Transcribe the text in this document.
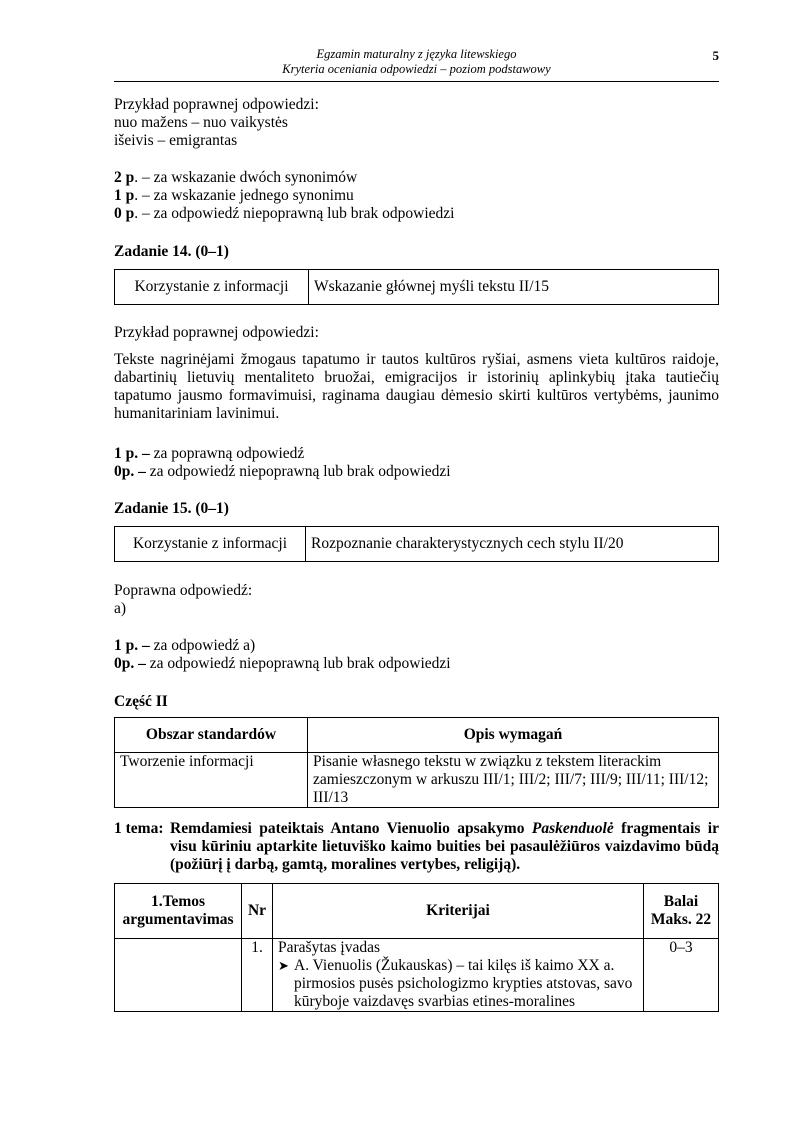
Egzamin maturalny z języka litewskiego
Kryteria oceniania odpowiedzi – poziom podstawowy
5
Przykład poprawnej odpowiedzi:
nuo mažens – nuo vaikystės
išeivis – emigrantas
2 p. – za wskazanie dwóch synonimów
1 p. – za wskazanie jednego synonimu
0 p. – za odpowiedź niepoprawną lub brak odpowiedzi
Zadanie 14. (0–1)
Korzystanie z informacji	Wskazanie głównej myśli tekstu II/15
Przykład poprawnej odpowiedzi:
Tekste nagrinėjami žmogaus tapatumo ir tautos kultūros ryšiai, asmens vieta kultūros raidoje, dabartinių lietuvių mentaliteto bruožai, emigracijos ir istorinių aplinkybių įtaka tautiečių tapatumo jausmo formavimuisi, raginama daugiau dėmesio skirti kultūros vertybėms, jaunimo humanitariniam lavinimui.
1 p. – za poprawną odpowiedź
0p. – za odpowiedź niepoprawną lub brak odpowiedzi
Zadanie 15. (0–1)
Korzystanie z informacji	Rozpoznanie charakterystycznych cech stylu II/20
Poprawna odpowiedź:
a)
1 p. – za odpowiedź a)
0p. – za odpowiedź niepoprawną lub brak odpowiedzi
Część II
Obszar standardów	Opis wymagań
Tworzenie informacji	Pisanie własnego tekstu w związku z tekstem literackim zamieszczonym w arkuszu III/1; III/2; III/7; III/9; III/11; III/12; III/13
1 tema: Remdamiesi pateiktais Antano Vienuolio apsakymo Paskenduolė fragmentais ir visu kūriniu aptarkite lietuviško kaimo buities bei pasaulėžiūros vaizdavimo būdą (požiūrį į darbą, gamtą, moralines vertybes, religiją).
1.Temos argumentavimas	Nr	Kriterijai	Balai Maks. 22
	1.	Parašytas įvadas
➤ A. Vienuolis (Žukauskas) – tai kilęs iš kaimo XX a. pirmosios pusės psichologizmo krypties atstovas, savo kūryboje vaizdavęs svarbias etines-moralines	0–3
